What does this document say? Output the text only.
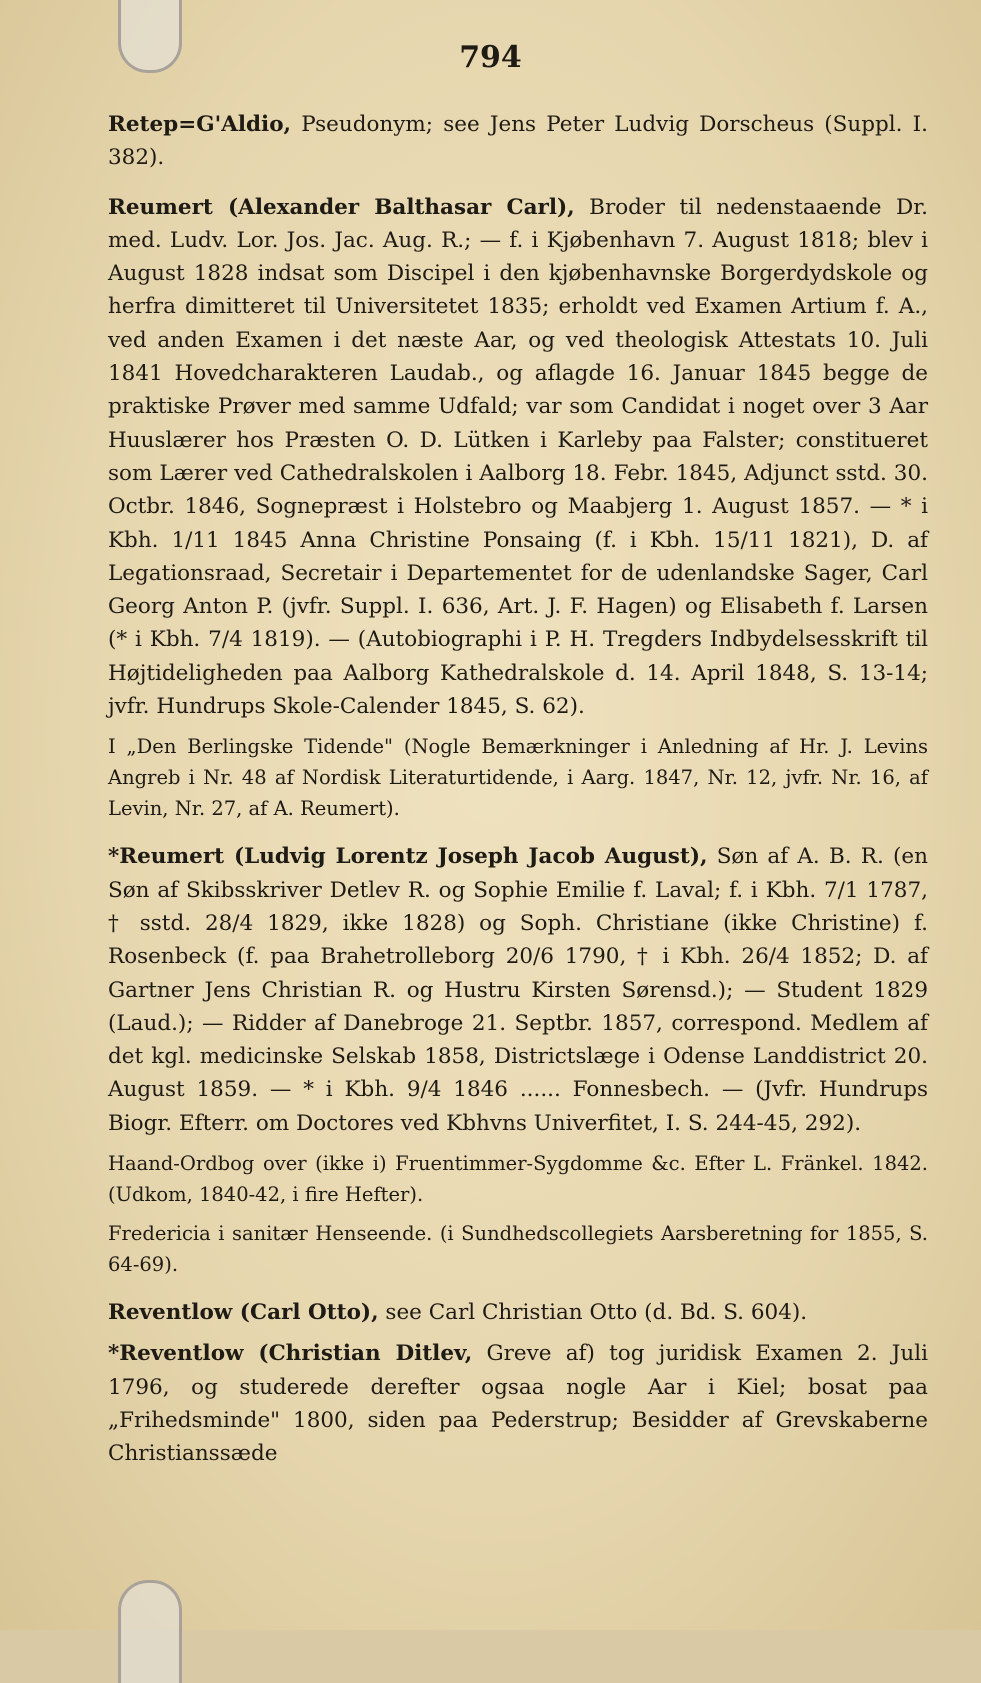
794

Retep=G'Aldio, Pseudonym; see Jens Peter Ludvig Dorscheus (Suppl. I. 382).

Reumert (Alexander Balthasar Carl), Broder til nedenstaaende Dr. med. Ludv. Lor. Jos. Jac. Aug. R.; — f. i Kjøbenhavn 7. August 1818; blev i August 1828 indsat som Discipel i den kjøbenhavnske Borgerdydskole og herfra dimitteret til Universitetet 1835; erholdt ved Examen Artium f. A., ved anden Examen i det næste Aar, og ved theologisk Attestats 10. Juli 1841 Hovedcharakteren Laudab., og aflagde 16. Januar 1845 begge de praktiske Prøver med samme Udfald; var som Candidat i noget over 3 Aar Huuslærer hos Præsten O. D. Lütken i Karleby paa Falster; constitueret som Lærer ved Cathedralskolen i Aalborg 18. Febr. 1845, Adjunct sstd. 30. Octbr. 1846, Sognepræst i Holstebro og Maabjerg 1. August 1857. — * i Kbh. 1/11 1845 Anna Christine Ponsaing (f. i Kbh. 15/11 1821), D. af Legationsraad, Secretair i Departementet for de udenlandske Sager, Carl Georg Anton P. (jvfr. Suppl. I. 636, Art. J. F. Hagen) og Elisabeth f. Larsen (* i Kbh. 7/4 1819). — (Autobiographi i P. H. Tregders Indbydelsesskrift til Højtideligheden paa Aalborg Kathedralskole d. 14. April 1848, S. 13-14; jvfr. Hundrups Skole-Calender 1845, S. 62).

I „Den Berlingske Tidende" (Nogle Bemærkninger i Anledning af Hr. J. Levins Angreb i Nr. 48 af Nordisk Literaturtidende, i Aarg. 1847, Nr. 12, jvfr. Nr. 16, af Levin, Nr. 27, af A. Reumert).

*Reumert (Ludvig Lorentz Joseph Jacob August), Søn af A. B. R. (en Søn af Skibsskriver Detlev R. og Sophie Emilie f. Laval; f. i Kbh. 7/1 1787, † sstd. 28/4 1829, ikke 1828) og Soph. Christiane (ikke Christine) f. Rosenbeck (f. paa Brahetrolleborg 20/6 1790, † i Kbh. 26/4 1852; D. af Gartner Jens Christian R. og Hustru Kirsten Sørensd.); — Student 1829 (Laud.); — Ridder af Danebroge 21. Septbr. 1857, correspond. Medlem af det kgl. medicinske Selskab 1858, Districtslæge i Odense Landdistrict 20. August 1859. — * i Kbh. 9/4 1846 ...... Fonnesbech. — (Jvfr. Hundrups Biogr. Efterr. om Doctores ved Kbhvns Univerfitet, I. S. 244-45, 292).

Haand-Ordbog over (ikke i) Fruentimmer-Sygdomme &c. Efter L. Fränkel. 1842. (Udkom, 1840-42, i fire Hefter).

Fredericia i sanitær Henseende. (i Sundhedscollegiets Aarsberetning for 1855, S. 64-69).

Reventlow (Carl Otto), see Carl Christian Otto (d. Bd. S. 604).

*Reventlow (Christian Ditlev, Greve af) tog juridisk Examen 2. Juli 1796, og studerede derefter ogsaa nogle Aar i Kiel; bosat paa „Frihedsminde" 1800, siden paa Pederstrup; Besidder af Grevskaberne Christianssæde
